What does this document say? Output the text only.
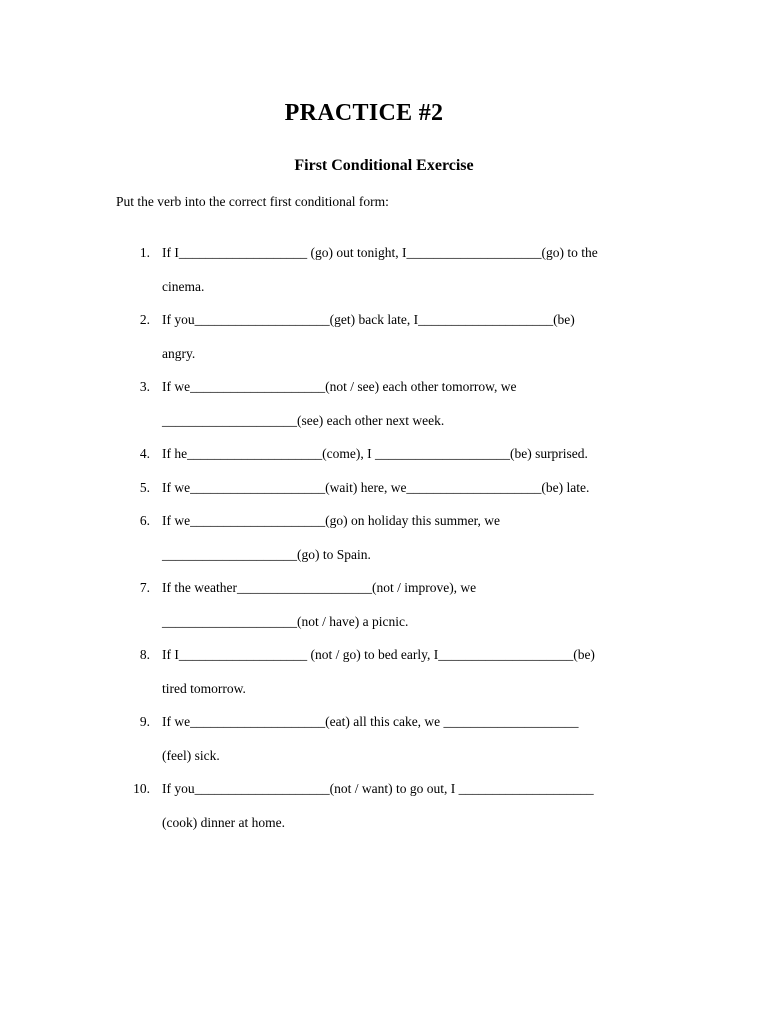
PRACTICE #2
First Conditional Exercise

Put the verb into the correct first conditional form:

1. If I___________________ (go) out tonight, I____________________(go) to the
cinema.
2. If you____________________(get) back late, I____________________(be)
angry.
3. If we____________________(not / see) each other tomorrow, we
____________________(see) each other next week.
4. If he____________________(come), I ____________________(be) surprised.
5. If we____________________(wait) here, we____________________(be) late.
6. If we____________________(go) on holiday this summer, we
____________________(go) to Spain.
7. If the weather____________________(not / improve), we
____________________(not / have) a picnic.
8. If I___________________ (not / go) to bed early, I____________________(be)
tired tomorrow.
9. If we____________________(eat) all this cake, we ____________________
(feel) sick.
10. If you____________________(not / want) to go out, I ____________________
(cook) dinner at home.
